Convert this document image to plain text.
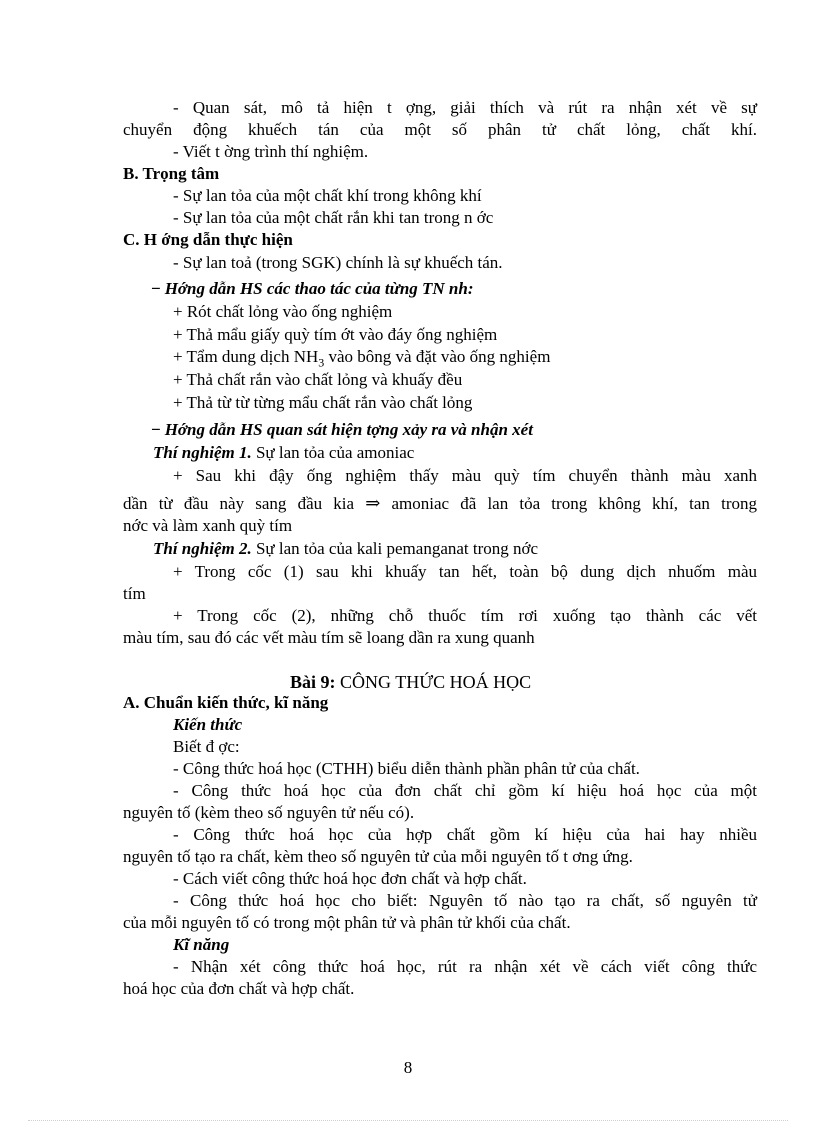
- Quan sát, mô tả hiện t ợng, giải thích và rút ra nhận xét về sự
chuyển động khuếch tán của một số phân tử chất lỏng, chất khí.
- Viết t ờng trình thí nghiệm.
B. Trọng tâm
- Sự lan tỏa của một chất khí trong không khí
- Sự lan tỏa của một chất rắn khi tan trong n ớc
C. H ớng dẫn thực hiện
- Sự lan toả (trong SGK) chính là sự khuếch tán.
− Hớng dẫn HS các thao tác của từng TN nh:
+ Rót chất lỏng vào ống nghiệm
+ Thả mẩu giấy quỳ tím ớt vào đáy ống nghiệm
+ Tẩm dung dịch $NH_3$ vào bông và đặt vào ống nghiệm
+ Thả chất rắn vào chất lỏng và khuấy đều
+ Thả từ từ từng mẩu chất rắn vào chất lỏng
− Hớng dẫn HS quan sát hiện tợng xảy ra và nhận xét
Thí nghiệm 1. Sự lan tỏa của amoniac
+ Sau khi đậy ống nghiệm thấy màu quỳ tím chuyển thành màu xanh
dần từ đầu này sang đầu kia ⇒ amoniac đã lan tỏa trong không khí, tan trong
nớc và làm xanh quỳ tím
Thí nghiệm 2. Sự lan tỏa của kali pemanganat trong nớc
+ Trong cốc (1) sau khi khuấy tan hết, toàn bộ dung dịch nhuốm màu
tím
+ Trong cốc (2), những chỗ thuốc tím rơi xuống tạo thành các vết
màu tím, sau đó các vết màu tím sẽ loang dần ra xung quanh
Bài 9: CÔNG THỨC HOÁ HỌC
A. Chuẩn kiến thức, kĩ năng
Kiến thức
Biết đ ợc:
- Công thức hoá học (CTHH) biểu diễn thành phần phân tử của chất.
- Công thức hoá học của đơn chất chỉ gồm kí hiệu hoá học của một
nguyên tố (kèm theo số nguyên tử nếu có).
- Công thức hoá học của hợp chất gồm kí hiệu của hai hay nhiều
nguyên tố tạo ra chất, kèm theo số nguyên tử của mỗi nguyên tố t ơng ứng.
- Cách viết công thức hoá học đơn chất và hợp chất.
- Công thức hoá học cho biết: Nguyên tố nào tạo ra chất, số nguyên tử
của mỗi nguyên tố có trong một phân tử và phân tử khối của chất.
Kĩ năng
- Nhận xét công thức hoá học, rút ra nhận xét về cách viết công thức
hoá học của đơn chất và hợp chất.
8
